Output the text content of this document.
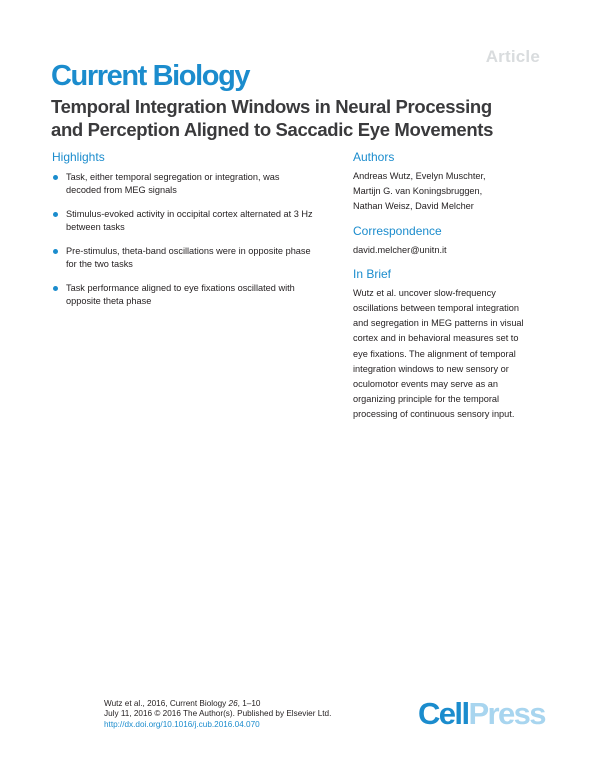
Article
Current Biology
Temporal Integration Windows in Neural Processing
and Perception Aligned to Saccadic Eye Movements
Highlights
Task, either temporal segregation or integration, was
decoded from MEG signals
Stimulus-evoked activity in occipital cortex alternated at 3 Hz
between tasks
Pre-stimulus, theta-band oscillations were in opposite phase
for the two tasks
Task performance aligned to eye fixations oscillated with
opposite theta phase
Authors
Andreas Wutz, Evelyn Muschter,
Martijn G. van Koningsbruggen,
Nathan Weisz, David Melcher
Correspondence
david.melcher@unitn.it
In Brief
Wutz et al. uncover slow-frequency
oscillations between temporal integration
and segregation in MEG patterns in visual
cortex and in behavioral measures set to
eye fixations. The alignment of temporal
integration windows to new sensory or
oculomotor events may serve as an
organizing principle for the temporal
processing of continuous sensory input.
Wutz et al., 2016, Current Biology 26, 1–10
July 11, 2016 © 2016 The Author(s). Published by Elsevier Ltd.
http://dx.doi.org/10.1016/j.cub.2016.04.070	CellPress
